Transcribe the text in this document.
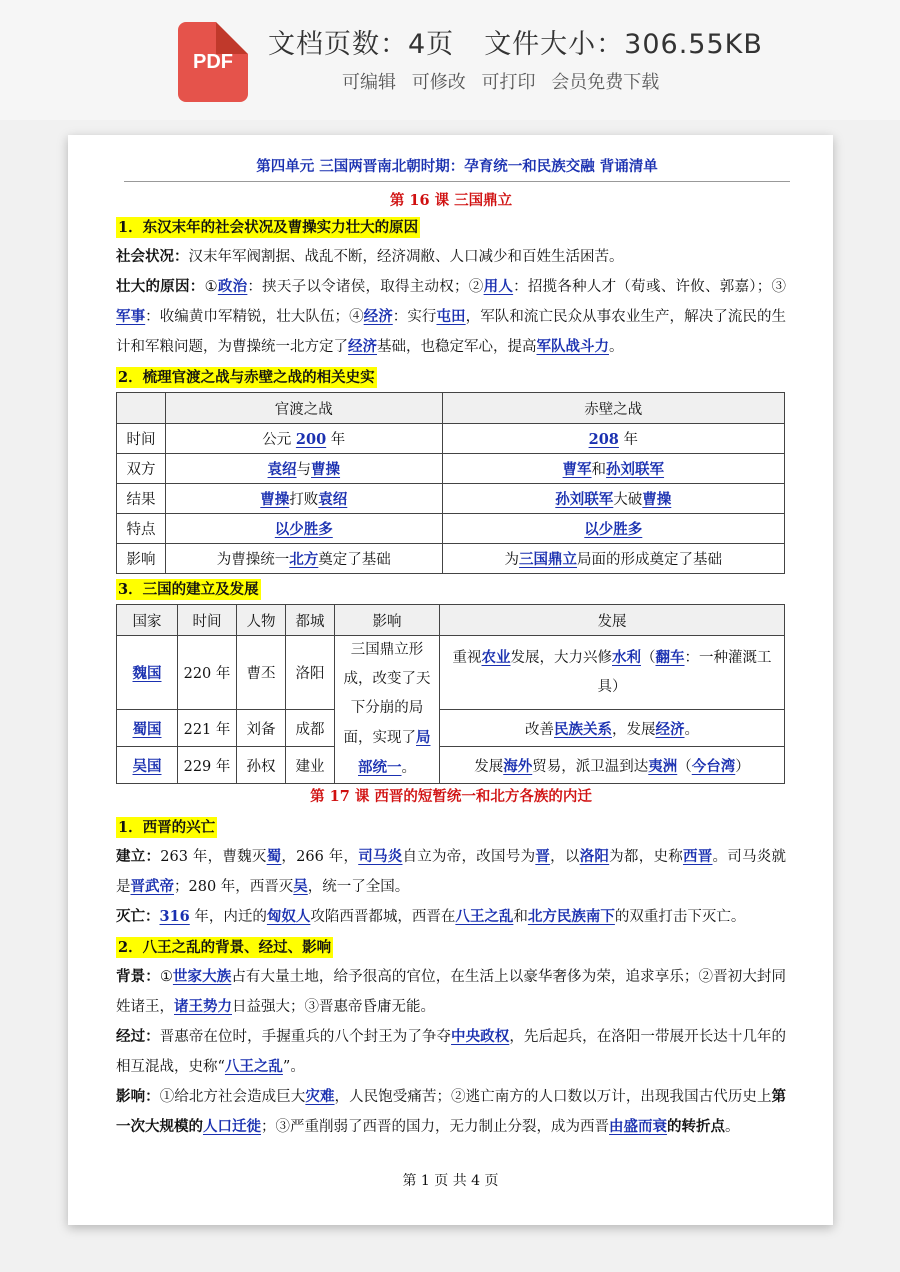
PDF
文档页数：4页 文件大小：306.55KB
可编辑 可修改 可打印 会员免费下载
第四单元 三国两晋南北朝时期：孕育统一和民族交融 背诵清单
第 16 课 三国鼎立
1．东汉末年的社会状况及曹操实力壮大的原因

社会状况：汉末年军阀割据、战乱不断，经济凋敝、人口减少和百姓生活困苦。

壮大的原因：①政治：挟天子以令诸侯，取得主动权；②用人：招揽各种人才（荀彧、许攸、郭嘉）；③军事：收编黄巾军精锐，壮大队伍；④经济：实行屯田，军队和流亡民众从事农业生产，解决了流民的生计和军粮问题，为曹操统一北方定了经济基础，也稳定军心，提高军队战斗力。

2．梳理官渡之战与赤壁之战的相关史实
	官渡之战	赤壁之战
时间	公元 200 年	208 年
双方	袁绍与曹操	曹军和孙刘联军
结果	曹操打败袁绍	孙刘联军大破曹操
特点	以少胜多	以少胜多
影响	为曹操统一北方奠定了基础	为三国鼎立局面的形成奠定了基础
3．三国的建立及发展
国家	时间	人物	都城	影响	发展
魏国	220 年	曹丕	洛阳	三国鼎立形成，改变了天下分崩的局面，实现了局部统一。	重视农业发展，大力兴修水利（翻车：一种灌溉工具）
蜀国	221 年	刘备	成都		改善民族关系，发展经济。
吴国	229 年	孙权	建业		发展海外贸易，派卫温到达夷洲（今台湾）
第 17 课 西晋的短暂统一和北方各族的内迁
1．西晋的兴亡

建立：263 年，曹魏灭蜀，266 年，司马炎自立为帝，改国号为晋，以洛阳为都，史称西晋。司马炎就是晋武帝；280 年，西晋灭吴，统一了全国。

灭亡：316 年，内迁的匈奴人攻陷西晋都城，西晋在八王之乱和北方民族南下的双重打击下灭亡。

2．八王之乱的背景、经过、影响

背景：①世家大族占有大量土地，给予很高的官位，在生活上以豪华奢侈为荣，追求享乐；②晋初大封同姓诸王，诸王势力日益强大；③晋惠帝昏庸无能。

经过：晋惠帝在位时，手握重兵的八个封王为了争夺中央政权，先后起兵，在洛阳一带展开长达十几年的相互混战，史称“八王之乱”。

影响：①给北方社会造成巨大灾难，人民饱受痛苦；②逃亡南方的人口数以万计，出现我国古代历史上第一次大规模的人口迁徙；③严重削弱了西晋的国力，无力制止分裂，成为西晋由盛而衰的转折点。

第 1 页 共 4 页
